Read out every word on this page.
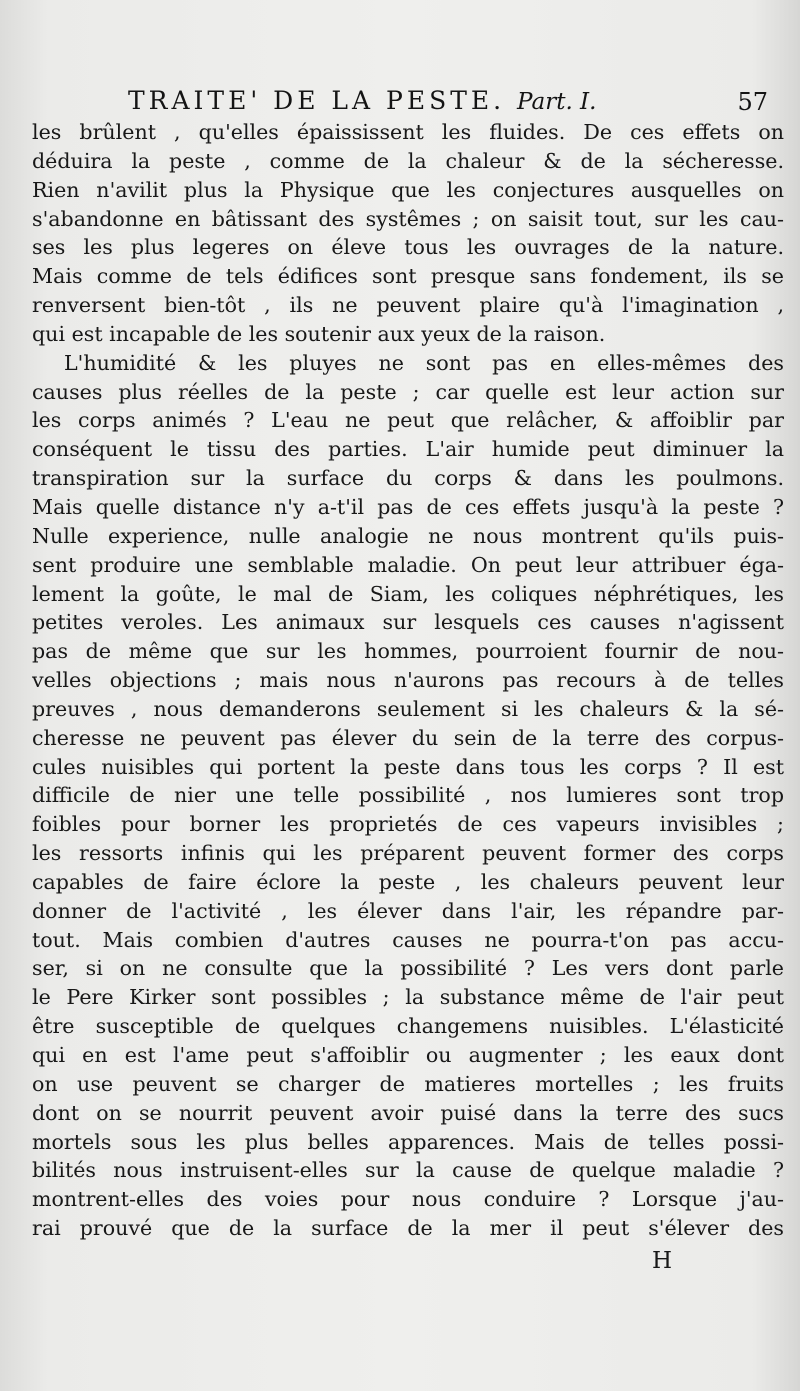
TRAITE' DE LA PESTE. Part. I.	57
les brûlent , qu'elles épaississent les fluides. De ces effets on
déduira la peste , comme de la chaleur & de la sécheresse.
Rien n'avilit plus la Physique que les conjectures ausquelles on
s'abandonne en bâtissant des systêmes ; on saisit tout, sur les cau-
ses les plus legeres on éleve tous les ouvrages de la nature.
Mais comme de tels édifices sont presque sans fondement, ils se
renversent bien-tôt , ils ne peuvent plaire qu'à l'imagination ,
qui est incapable de les soutenir aux yeux de la raison.
L'humidité & les pluyes ne sont pas en elles-mêmes des
causes plus réelles de la peste ; car quelle est leur action sur
les corps animés ? L'eau ne peut que relâcher, & affoiblir par
conséquent le tissu des parties. L'air humide peut diminuer la
transpiration sur la surface du corps & dans les poulmons.
Mais quelle distance n'y a-t'il pas de ces effets jusqu'à la peste ?
Nulle experience, nulle analogie ne nous montrent qu'ils puis-
sent produire une semblable maladie. On peut leur attribuer éga-
lement la goûte, le mal de Siam, les coliques néphrétiques, les
petites veroles. Les animaux sur lesquels ces causes n'agissent
pas de même que sur les hommes, pourroient fournir de nou-
velles objections ; mais nous n'aurons pas recours à de telles
preuves , nous demanderons seulement si les chaleurs & la sé-
cheresse ne peuvent pas élever du sein de la terre des corpus-
cules nuisibles qui portent la peste dans tous les corps ? Il est
difficile de nier une telle possibilité , nos lumieres sont trop
foibles pour borner les proprietés de ces vapeurs invisibles ;
les ressorts infinis qui les préparent peuvent former des corps
capables de faire éclore la peste , les chaleurs peuvent leur
donner de l'activité , les élever dans l'air, les répandre par-
tout. Mais combien d'autres causes ne pourra-t'on pas accu-
ser, si on ne consulte que la possibilité ? Les vers dont parle
le Pere Kirker sont possibles ; la substance même de l'air peut
être susceptible de quelques changemens nuisibles. L'élasticité
qui en est l'ame peut s'affoiblir ou augmenter ; les eaux dont
on use peuvent se charger de matieres mortelles ; les fruits
dont on se nourrit peuvent avoir puisé dans la terre des sucs
mortels sous les plus belles apparences. Mais de telles possi-
bilités nous instruisent-elles sur la cause de quelque maladie ?
montrent-elles des voies pour nous conduire ? Lorsque j'au-
rai prouvé que de la surface de la mer il peut s'élever des
H
